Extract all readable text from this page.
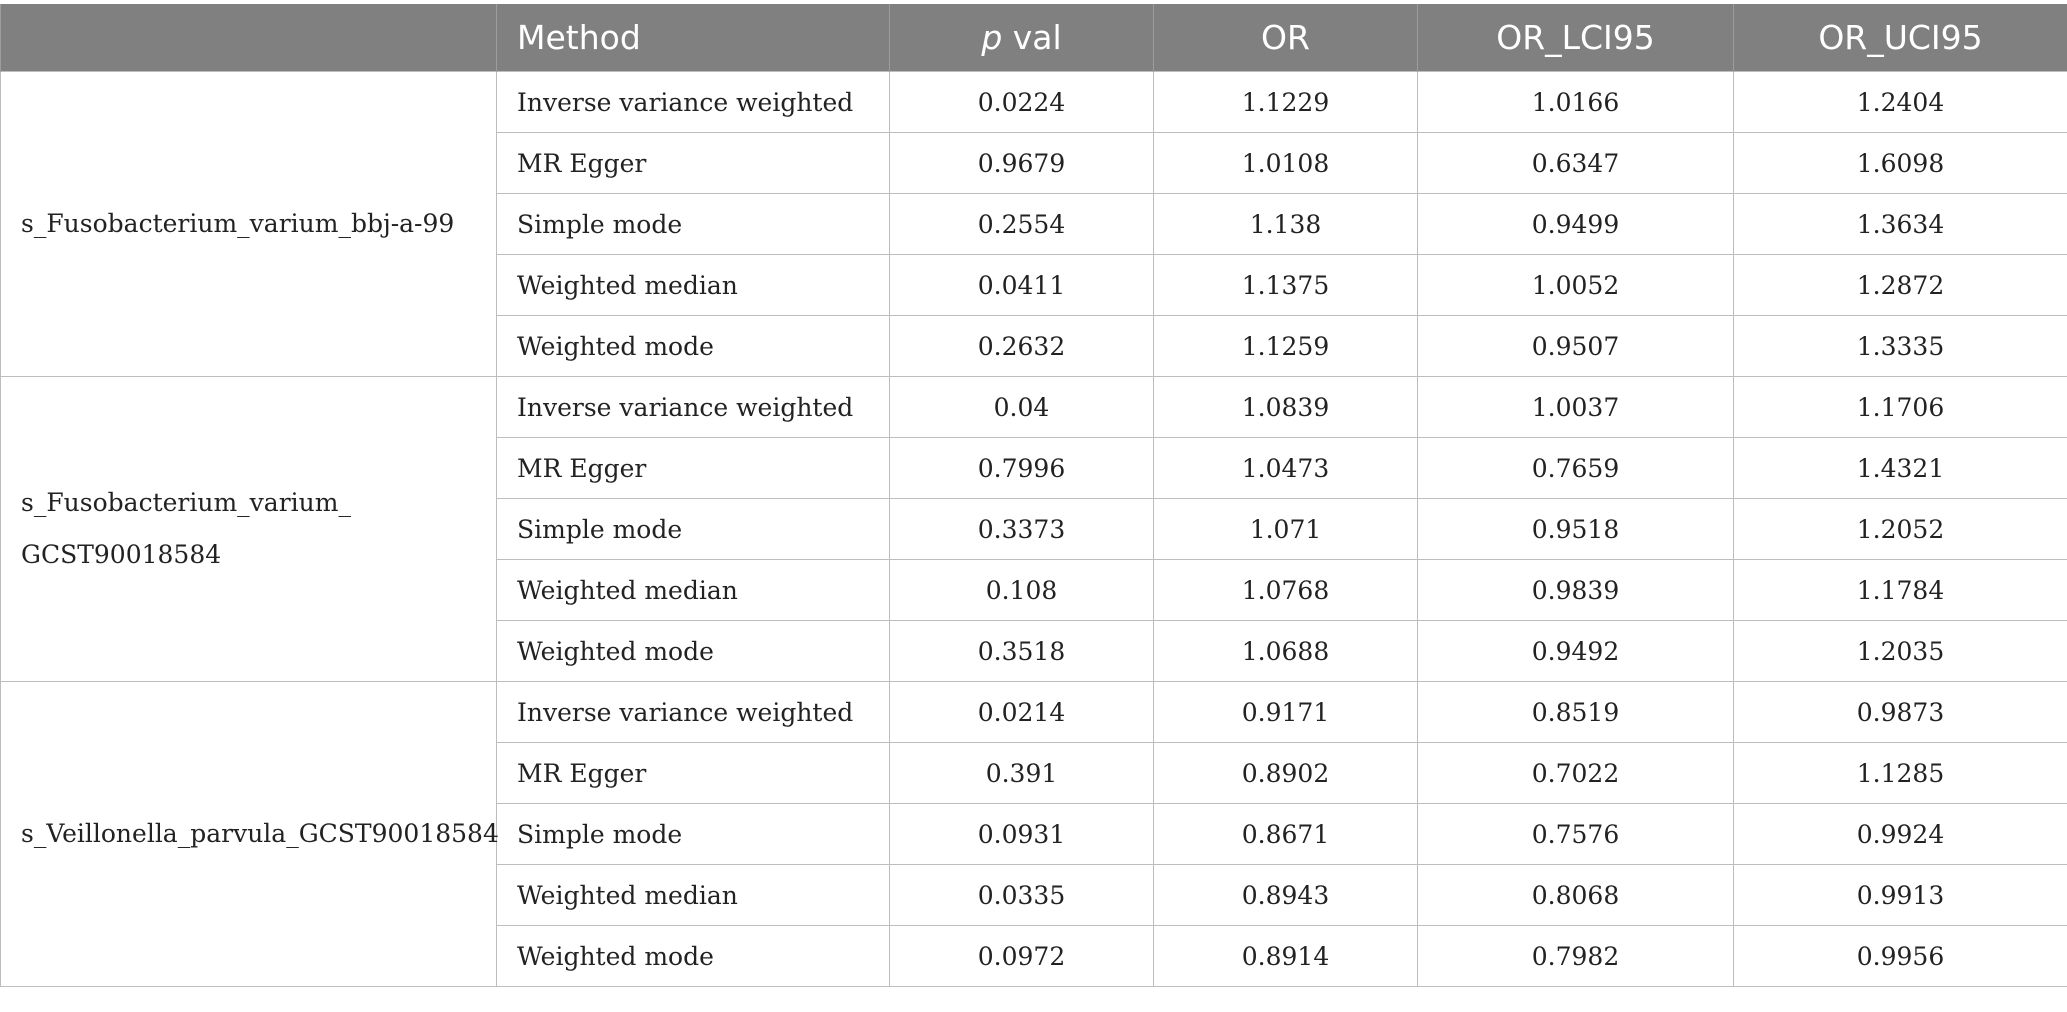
	Method	p val	OR	OR_LCI95	OR_UCI95

s_Fusobacterium_varium_bbj-a-99	Inverse variance weighted	0.0224	1.1229	1.0166	1.2404
	MR Egger	0.9679	1.0108	0.6347	1.6098
	Simple mode	0.2554	1.138	0.9499	1.3634
	Weighted median	0.0411	1.1375	1.0052	1.2872
	Weighted mode	0.2632	1.1259	0.9507	1.3335

s_Fusobacterium_varium_
GCST90018584	Inverse variance weighted	0.04	1.0839	1.0037	1.1706
	MR Egger	0.7996	1.0473	0.7659	1.4321
	Simple mode	0.3373	1.071	0.9518	1.2052
	Weighted median	0.108	1.0768	0.9839	1.1784
	Weighted mode	0.3518	1.0688	0.9492	1.2035

s_Veillonella_parvula_GCST90018584	Inverse variance weighted	0.0214	0.9171	0.8519	0.9873
	MR Egger	0.391	0.8902	0.7022	1.1285
	Simple mode	0.0931	0.8671	0.7576	0.9924
	Weighted median	0.0335	0.8943	0.8068	0.9913
	Weighted mode	0.0972	0.8914	0.7982	0.9956
